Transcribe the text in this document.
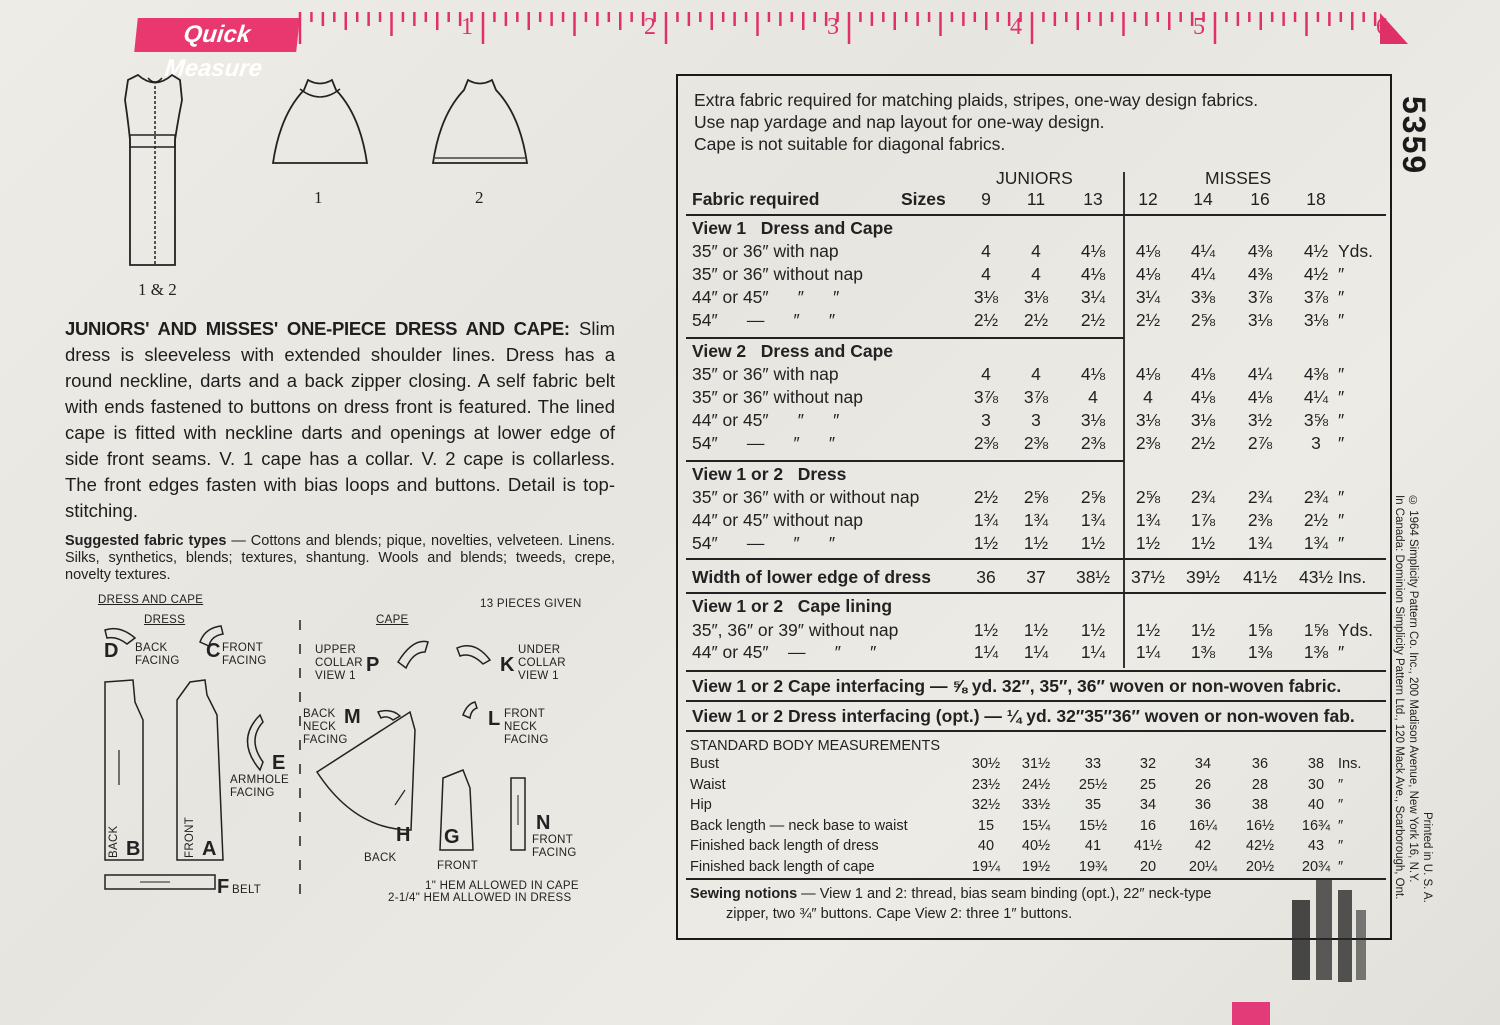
Quick Measure
1	2	3	4	5	6
1 & 2
1	2
JUNIORS' AND MISSES' ONE-PIECE DRESS AND CAPE: Slim dress is sleeveless with extended shoulder lines. Dress has a round neckline, darts and a back zipper closing. A self fabric belt with ends fastened to buttons on dress front is featured. The lined cape is fitted with neckline darts and openings at lower edge of side front seams. V. 1 cape has a collar. V. 2 cape is collarless. The front edges fasten with bias loops and buttons. Detail is top-stitching.
Suggested fabric types — Cottons and blends; pique, novelties, velveteen. Linens. Silks, synthetics, blends; textures, shantung. Wools and blends; tweeds, crepe, novelty textures.
DRESS AND CAPE
DRESS	CAPE
13 PIECES GIVEN
D BACK FACING C FRONT FACING
E
ARMHOLE FACING
B
BACK	A
FRONT
F BELT
UPPER COLLAR VIEW 1 P	K
UNDER COLLAR VIEW 1
BACK NECK FACING
M	L FRONT NECK FACING
H
BACK
G
FRONT
N
FRONT FACING
1" HEM ALLOWED IN CAPE
2-1/4" HEM ALLOWED IN DRESS
5359
© 1964 Simplicity Pattern Co. Inc., 200 Madison Avenue, New York 16, N.Y.
In Canada: Dominion Simplicity Pattern Ltd., 120 Mack Ave., Scarborough, Ont. Printed in U. S. A.
Extra fabric required for matching plaids, stripes, one-way design fabrics.
Use nap yardage and nap layout for one-way design.
Cape is not suitable for diagonal fabrics.
JUNIORS	MISSES
Fabric required	Sizes	9	11	13	12	14	16	18
View 1   Dress and Cape
35″ or 36″ with nap	4	4	4⅛	4⅛	4¼	4⅜	4½ Yds.
35″ or 36″ without nap	4	4	4⅛	4⅛	4¼	4⅜	4½ ″
44″ or 45″      ″      ″	3⅛	3⅛	3¼	3¼	3⅜	3⅞	3⅞ ″
54″      —      ″      ″	2½	2½	2½	2½	2⅝	3⅛	3⅛ ″
View 2   Dress and Cape
35″ or 36″ with nap	4	4	4⅛	4⅛	4⅛	4¼	4⅜ ″
35″ or 36″ without nap	3⅞	3⅞	4	4	4⅛	4⅛	4¼ ″
44″ or 45″      ″      ″	3	3	3⅛	3⅛	3⅛	3½	3⅝ ″
54″      —      ″      ″	2⅜	2⅜	2⅜	2⅜	2½	2⅞	3 ″
View 1 or 2   Dress
35″ or 36″ with or without nap	2½	2⅝	2⅝	2⅝	2¾	2¾	2¾ ″
44″ or 45″ without nap	1¾	1¾	1¾	1¾	1⅞	2⅜	2½ ″
54″      —      ″      ″	1½	1½	1½	1½	1½	1¾	1¾ ″
Width of lower edge of dress	36	37	38½	37½	39½	41½	43½ Ins.
View 1 or 2   Cape lining
35″, 36″ or 39″ without nap	1½	1½	1½	1½	1½	1⅝	1⅝ Yds.
44″ or 45″    —      ″      ″	1¼	1¼	1¼	1¼	1⅜	1⅜	1⅜ ″
View 1 or 2 Cape interfacing — ⅝ yd. 32″, 35″, 36″ woven or non-woven fabric.
View 1 or 2 Dress interfacing (opt.) — ¼ yd. 32″35″36″ woven or non-woven fab.
STANDARD BODY MEASUREMENTS
Bust	30½	31½	33	32	34	36	38 Ins.
Waist	23½	24½	25½	25	26	28	30 ″
Hip	32½	33½	35	34	36	38	40 ″
Back length — neck base to waist	15	15¼	15½	16	16¼	16½	16¾ ″
Finished back length of dress	40	40½	41	41½	42	42½	43 ″
Finished back length of cape	19¼	19½	19¾	20	20¼	20½	20¾ ″
Sewing notions — View 1 and 2: thread, bias seam binding (opt.), 22″ neck-type
zipper, two ¾″ buttons. Cape View 2: three 1″ buttons.
